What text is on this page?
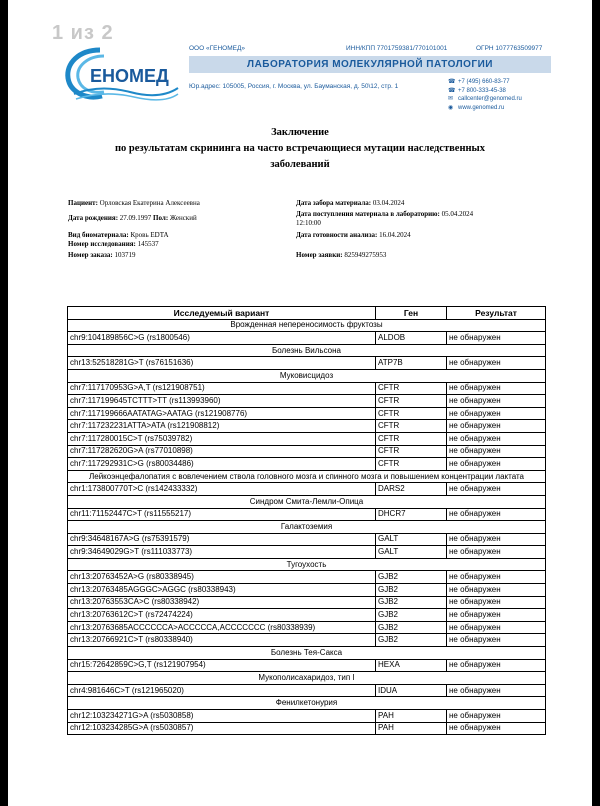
1 из 2
ЕНОМЕД
ООО «ГЕНОМЕД»	ИНН/КПП 7701759381/770101001	ОГРН 1077763509977
ЛАБОРАТОРИЯ МОЛЕКУЛЯРНОЙ ПАТОЛОГИИ
Юр.адрес: 105005, Россия, г. Москва, ул. Бауманская, д. 50\12, стр. 1
☎ +7 (495) 660-83-77
☎ +7 800-333-45-38
✉ callcenter@genomed.ru
◉ www.genomed.ru
Заключение
по результатам скрининга на часто встречающиеся мутации наследственных
заболеваний
Пациент: Орловская Екатерина Алексеевна
Дата рождения: 27.09.1997 Пол: Женский
Вид биоматериала: Кровь EDTA
Номер исследования: 145537
Номер заказа: 103719
Дата забора материала: 03.04.2024
Дата поступления материала в лабораторию: 05.04.2024
12:10:00
Дата готовности анализа: 16.04.2024
Номер заявки: 825949275953
Исследуемый вариант	Ген	Результат
Врожденная непереносимость фруктозы		
chr9:104189856C>G (rs1800546)	ALDOB	не обнаружен
Болезнь Вильсона		
chr13:52518281G>T (rs76151636)	ATP7B	не обнаружен
Муковисцидоз		
chr7:117170953G>A,T (rs121908751)	CFTR	не обнаружен
chr7:117199645TCTTT>TT (rs113993960)	CFTR	не обнаружен
chr7:117199666AATATAG>AATAG (rs121908776)	CFTR	не обнаружен
chr7:117232231ATTA>ATA (rs121908812)	CFTR	не обнаружен
chr7:117280015C>T (rs75039782)	CFTR	не обнаружен
chr7:117282620G>A (rs77010898)	CFTR	не обнаружен
chr7:117292931C>G (rs80034486)	CFTR	не обнаружен
Лейкоэнцефалопатия с вовлечением ствола головного мозга и спинного мозга и повышением концентрации лактата		
chr1:173800770T>C (rs142433332)	DARS2	не обнаружен
Синдром Смита-Лемли-Опица		
chr11:71152447C>T (rs11555217)	DHCR7	не обнаружен
Галактоземия		
chr9:34648167A>G (rs75391579)	GALT	не обнаружен
chr9:34649029G>T (rs111033773)	GALT	не обнаружен
Тугоухость		
chr13:20763452A>G (rs80338945)	GJB2	не обнаружен
chr13:20763485AGGGC>AGGC (rs80338943)	GJB2	не обнаружен
chr13:20763553CA>C (rs80338942)	GJB2	не обнаружен
chr13:20763612C>T (rs72474224)	GJB2	не обнаружен
chr13:20763685ACCCCCCA>ACCCCCA,ACCCCCCC (rs80338939)	GJB2	не обнаружен
chr13:20766921C>T (rs80338940)	GJB2	не обнаружен
Болезнь Тея-Сакса		
chr15:72642859C>G,T (rs121907954)	HEXA	не обнаружен
Мукополисахаридоз, тип I		
chr4:981646C>T (rs121965020)	IDUA	не обнаружен
Фенилкетонурия		
chr12:103234271G>A (rs5030858)	PAH	не обнаружен
chr12:103234285G>A (rs5030857)	PAH	не обнаружен
